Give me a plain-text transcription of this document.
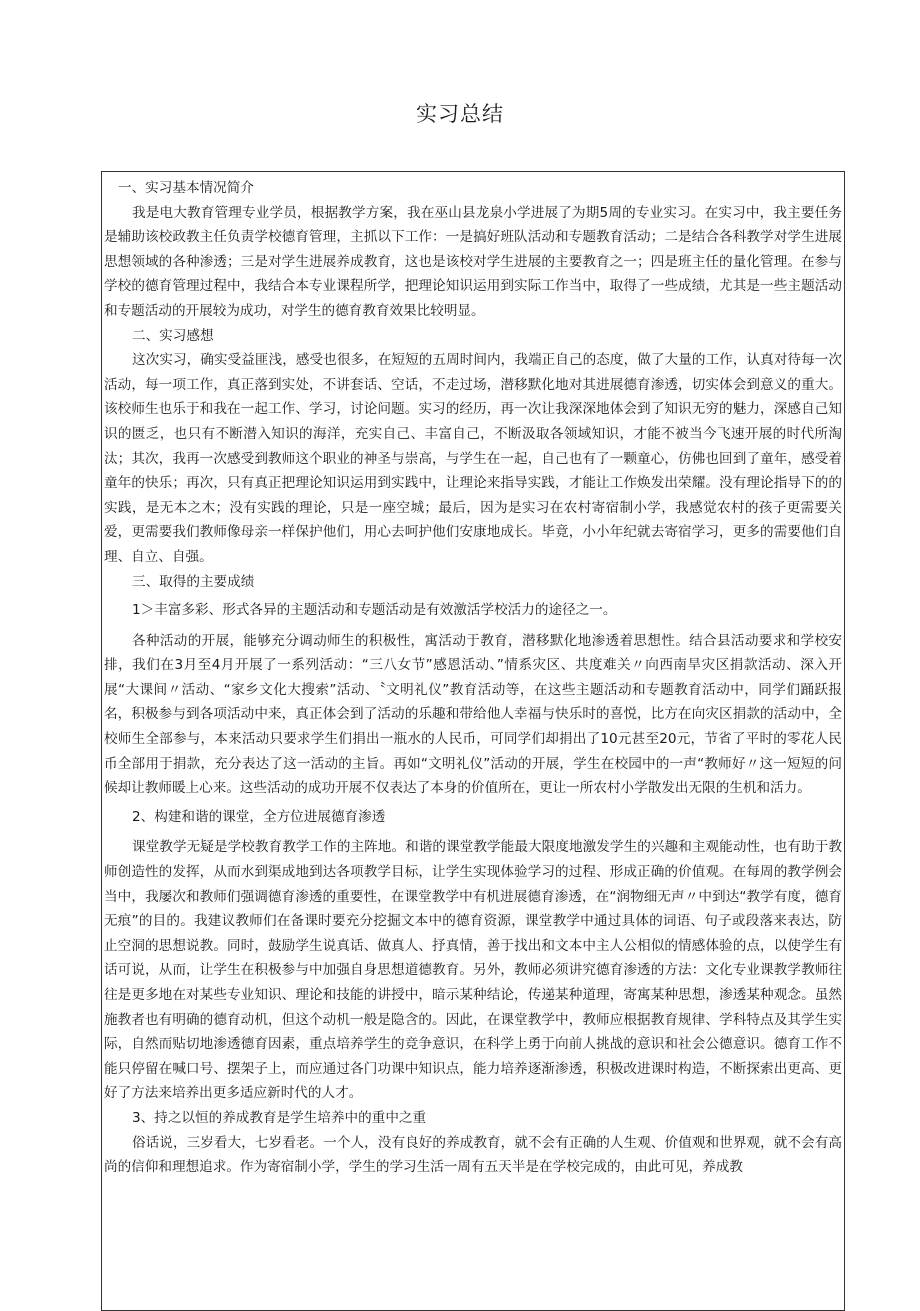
实习总结

一、实习基本情况简介

我是电大教育管理专业学员，根据教学方案，我在巫山县龙泉小学进展了为期5周的专业实习。在实习中，我主要任务是辅助该校政教主任负责学校德育管理，主抓以下工作：一是搞好班队活动和专题教育活动；二是结合各科教学对学生进展思想领域的各种渗透；三是对学生进展养成教育，这也是该校对学生进展的主要教育之一；四是班主任的量化管理。在参与学校的德育管理过程中，我结合本专业课程所学，把理论知识运用到实际工作当中，取得了一些成绩，尤其是一些主题活动和专题活动的开展较为成功，对学生的德育教育效果比较明显。

二、实习感想

这次实习，确实受益匪浅，感受也很多，在短短的五周时间内，我端正自己的态度，做了大量的工作，认真对待每一次活动，每一项工作，真正落到实处，不讲套话、空话，不走过场，潜移默化地对其进展德育渗透，切实体会到意义的重大。该校师生也乐于和我在一起工作、学习，讨论问题。实习的经历，再一次让我深深地体会到了知识无穷的魅力，深感自己知识的匮乏，也只有不断潜入知识的海洋，充实自己、丰富自己，不断汲取各领域知识，才能不被当今飞速开展的时代所淘汰；其次，我再一次感受到教师这个职业的神圣与崇高，与学生在一起，自己也有了一颗童心，仿佛也回到了童年，感受着童年的快乐；再次，只有真正把理论知识运用到实践中，让理论来指导实践，才能让工作焕发出荣耀。没有理论指导下的的实践，是无本之木；没有实践的理论，只是一座空城；最后，因为是实习在农村寄宿制小学，我感觉农村的孩子更需要关爱，更需要我们教师像母亲一样保护他们，用心去呵护他们安康地成长。毕竟，小小年纪就去寄宿学习，更多的需要他们自理、自立、自强。

三、取得的主要成绩

1＞丰富多彩、形式各异的主题活动和专题活动是有效激活学校活力的途径之一。

各种活动的开展，能够充分调动师生的积极性，寓活动于教育，潜移默化地渗透着思想性。结合县活动要求和学校安排，我们在3月至4月开展了一系列活动：“三八女节”感恩活动、”情系灾区、共度难关〃向西南旱灾区捐款活动、深入开展“大课间〃活动、“家乡文化大搜索”活动、〝文明礼仪”教育活动等，在这些主题活动和专题教育活动中，同学们踊跃报名，积极参与到各项活动中来，真正体会到了活动的乐趣和带给他人幸福与快乐时的喜悦，比方在向灾区捐款的活动中，全校师生全部参与，本来活动只要求学生们捐出一瓶水的人民币，可同学们却捐出了10元甚至20元，节省了平时的零花人民币全部用于捐款，充分表达了这一活动的主旨。再如“文明礼仪”活动的开展，学生在校园中的一声“教师好〃这一短短的问候却让教师暖上心来。这些活动的成功开展不仅表达了本身的价值所在，更让一所农村小学散发出无限的生机和活力。

2、构建和谐的课堂，全方位进展德育渗透

课堂教学无疑是学校教育教学工作的主阵地。和谐的课堂教学能最大限度地激发学生的兴趣和主观能动性，也有助于教师创造性的发挥，从而水到渠成地到达各项教学目标，让学生实现体验学习的过程、形成正确的价值观。在每周的教学例会当中，我屡次和教师们强调德育渗透的重要性，在课堂教学中有机进展德育渗透，在“润物细无声〃中到达“教学有度，德育无痕”的目的。我建议教师们在备课时要充分挖掘文本中的德育资源，课堂教学中通过具体的词语、句子或段落来表达，防止空洞的思想说教。同时，鼓励学生说真话、做真人、抒真情，善于找出和文本中主人公相似的情感体验的点，以使学生有话可说，从而，让学生在积极参与中加强自身思想道德教育。另外，教师必须讲究德育渗透的方法：文化专业课教学教师往往是更多地在对某些专业知识、理论和技能的讲授中，暗示某种结论，传递某种道理，寄寓某种思想，渗透某种观念。虽然施教者也有明确的德育动机，但这个动机一般是隐含的。因此，在课堂教学中，教师应根据教育规律、学科特点及其学生实际，自然而贴切地渗透德育因素，重点培养学生的竞争意识，在科学上勇于向前人挑战的意识和社会公德意识。德育工作不能只停留在喊口号、摆架子上，而应通过各门功课中知识点，能力培养逐渐渗透，积极改进课时构造，不断探索出更高、更好了方法来培养出更多适应新时代的人才。

3、持之以恒的养成教育是学生培养中的重中之重

俗话说，三岁看大，七岁看老。一个人，没有良好的养成教育，就不会有正确的人生观、价值观和世界观，就不会有高尚的信仰和理想追求。作为寄宿制小学，学生的学习生活一周有五天半是在学校完成的，由此可见，养成教
